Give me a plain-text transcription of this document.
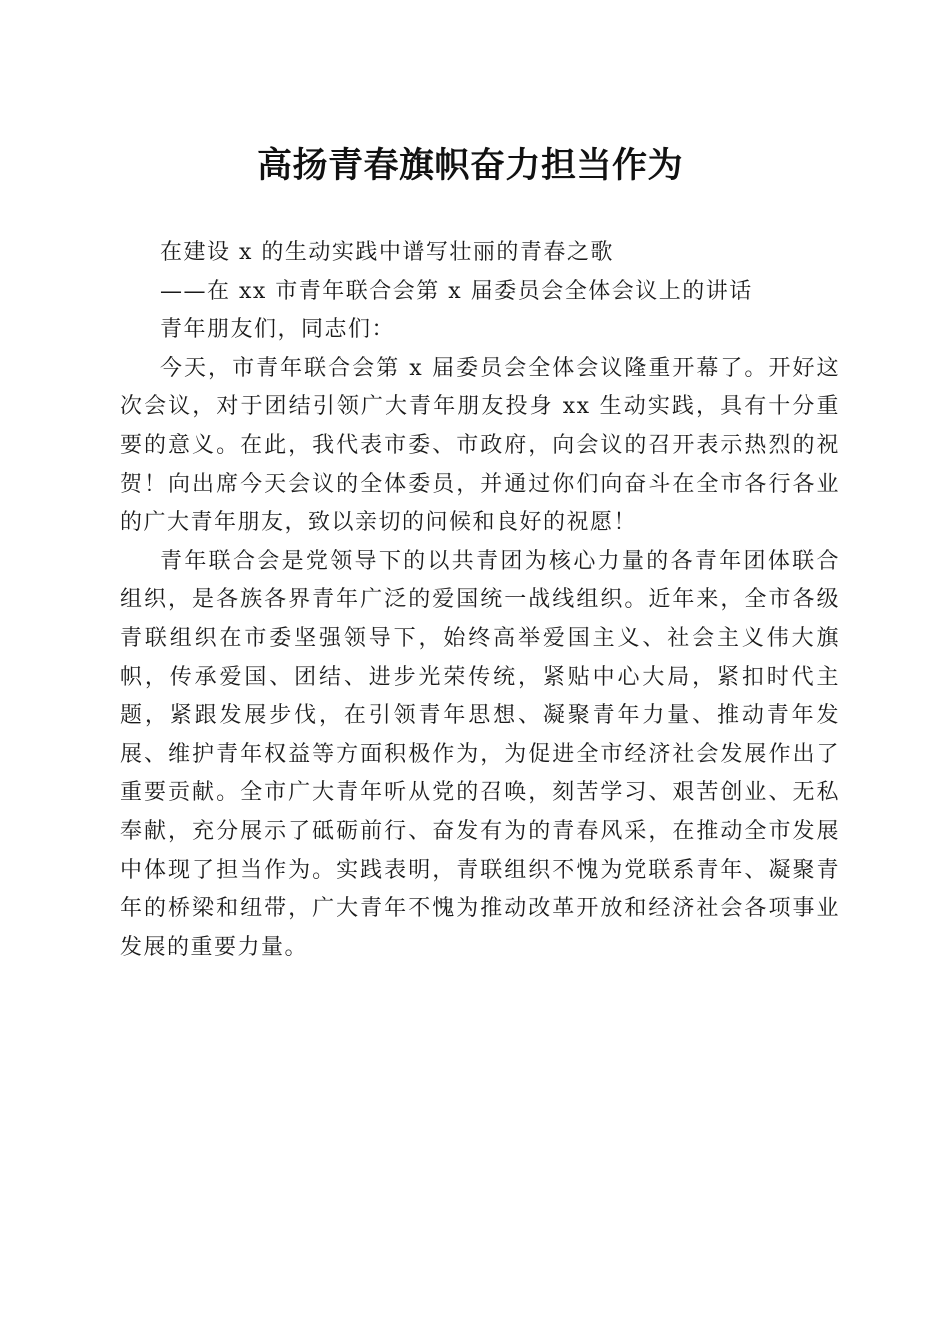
高扬青春旗帜奋力担当作为
在建设 x 的生动实践中谱写壮丽的青春之歌
——在 xx 市青年联合会第 x 届委员会全体会议上的讲话
青年朋友们，同志们：

今天，市青年联合会第 x 届委员会全体会议隆重开幕了。开好这次会议，对于团结引领广大青年朋友投身 xx 生动实践，具有十分重要的意义。在此，我代表市委、市政府，向会议的召开表示热烈的祝贺！向出席今天会议的全体委员，并通过你们向奋斗在全市各行各业的广大青年朋友，致以亲切的问候和良好的祝愿！

青年联合会是党领导下的以共青团为核心力量的各青年团体联合组织，是各族各界青年广泛的爱国统一战线组织。近年来，全市各级青联组织在市委坚强领导下，始终高举爱国主义、社会主义伟大旗帜，传承爱国、团结、进步光荣传统，紧贴中心大局，紧扣时代主题，紧跟发展步伐，在引领青年思想、凝聚青年力量、推动青年发展、维护青年权益等方面积极作为，为促进全市经济社会发展作出了重要贡献。全市广大青年听从党的召唤，刻苦学习、艰苦创业、无私奉献，充分展示了砥砺前行、奋发有为的青春风采，在推动全市发展中体现了担当作为。实践表明，青联组织不愧为党联系青年、凝聚青年的桥梁和纽带，广大青年不愧为推动改革开放和经济社会各项事业发展的重要力量。
